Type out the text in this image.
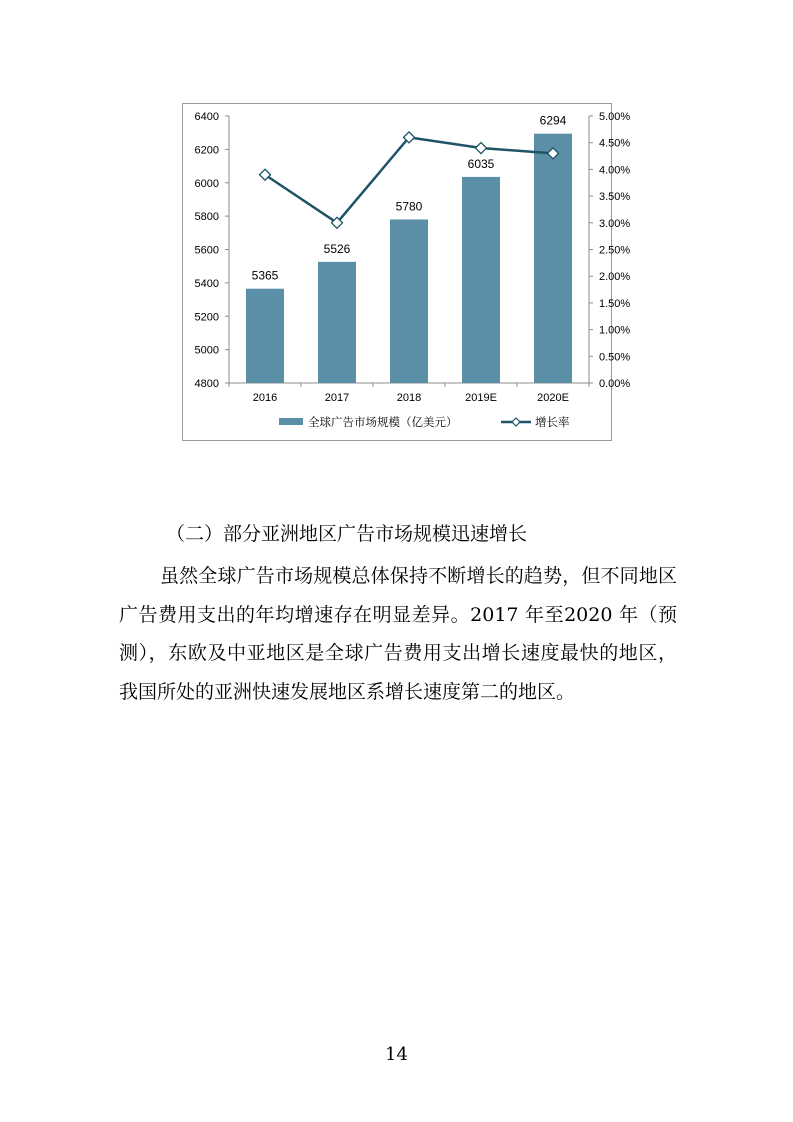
4800
5000
5200
5400
5600
5800
6000
6200
6400
0.00%
0.50%
1.00%
1.50%
2.00%
2.50%
3.00%
3.50%
4.00%
4.50%
5.00%
5365
5526
5780
6035
6294
2016	2017	2018	2019E	2020E
全球广告市场规模（亿美元）	增长率
（二）部分亚洲地区广告市场规模迅速增长
虽然全球广告市场规模总体保持不断增长的趋势，但不同地区广告费用支出的年均增速存在明显差异。2017 年至2020 年（预测），东欧及中亚地区是全球广告费用支出增长速度最快的地区，我国所处的亚洲快速发展地区系增长速度第二的地区。
14
